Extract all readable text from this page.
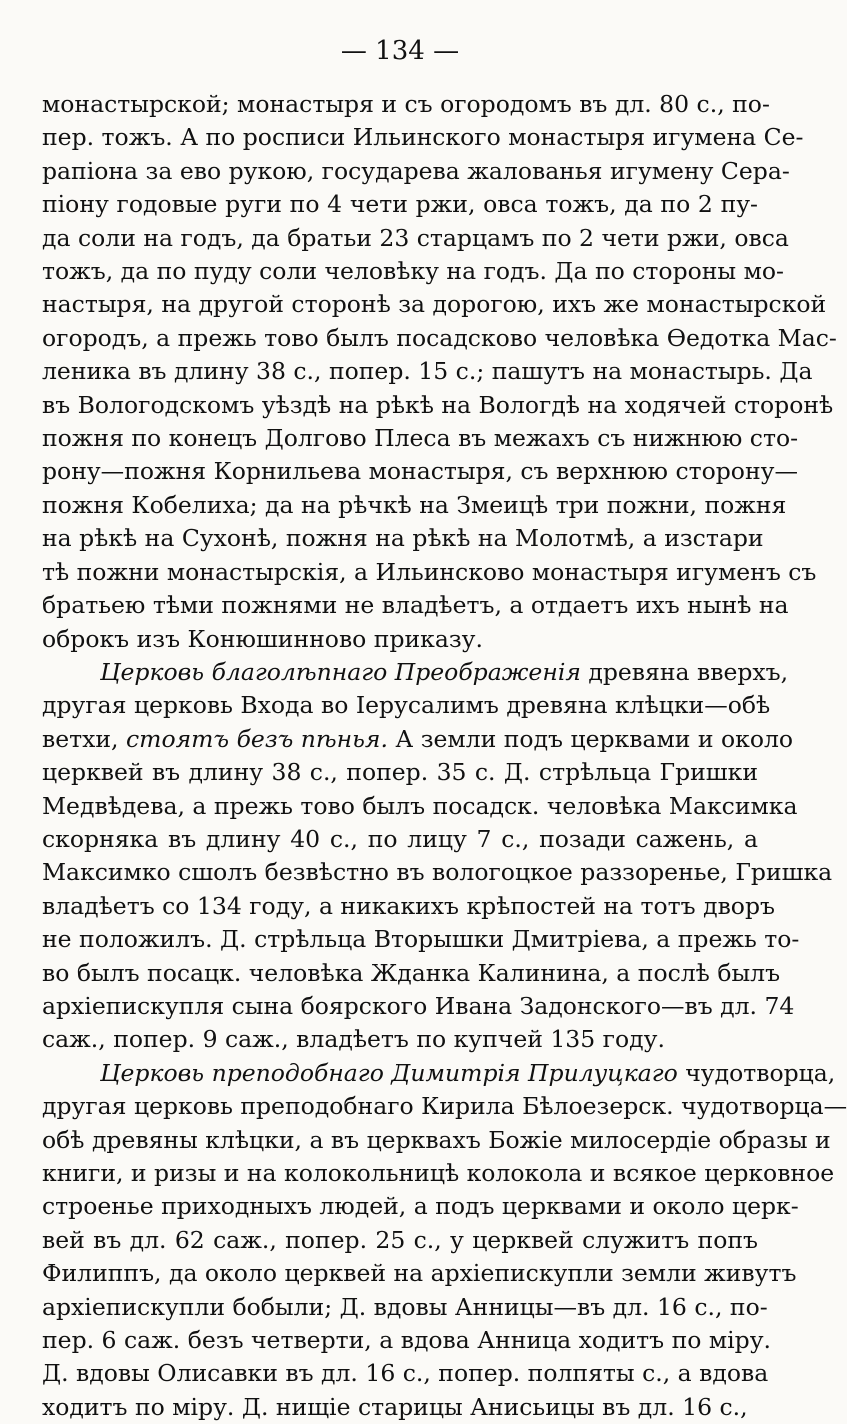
— 134 —
монастырской; монастыря и съ огородомъ въ дл. 80 с., по-
пер. тожъ. А по росписи Ильинского монастыря игумена Се-
рапіона за ево рукою, государева жалованья игумену Сера-
піону годовые руги по 4 чети ржи, овса тожъ, да по 2 пу-
да соли на годъ, да братьи 23 старцамъ по 2 чети ржи, овса
тожъ, да по пуду соли человѣку на годъ. Да по стороны мо-
настыря, на другой сторонѣ за дорогою, ихъ же монастырской
огородъ, а прежь тово былъ посадсково человѣка Ѳедотка Мас-
леника въ длину 38 с., попер. 15 с.; пашутъ на монастырь. Да
въ Вологодскомъ уѣздѣ на рѣкѣ на Вологдѣ на ходячей сторонѣ
пожня по конецъ Долгово Плеса въ межахъ съ нижнюю сто-
рону—пожня Корнильева монастыря, съ верхнюю сторону—
пожня Кобелиха; да на рѣчкѣ на Змеицѣ три пожни, пожня
на рѣкѣ на Сухонѣ, пожня на рѣкѣ на Молотмѣ, а изстари
тѣ пожни монастырскія, а Ильинсково монастыря игуменъ съ
братьею тѣми пожнями не владѣетъ, а отдаетъ ихъ нынѣ на
оброкъ изъ Конюшинново приказу.
Церковь благолѣпнаго Преображенія древяна вверхъ,
другая церковь Входа во Іерусалимъ древяна клѣцки—обѣ
ветхи, стоятъ безъ пѣнья. А земли подъ церквами и около
церквей въ длину 38 с., попер. 35 с. Д. стрѣльца Гришки
Медвѣдева, а прежь тово былъ посадск. человѣка Максимка
скорняка въ длину 40 с., по лицу 7 с., позади сажень, а
Максимко сшолъ безвѣстно въ вологоцкое раззоренье, Гришка
владѣетъ со 134 году, а никакихъ крѣпостей на тотъ дворъ
не положилъ. Д. стрѣльца Вторышки Дмитріева, а прежь то-
во былъ посацк. человѣка Жданка Калинина, а послѣ былъ
архіепискупля сына боярского Ивана Задонского—въ дл. 74
саж., попер. 9 саж., владѣетъ по купчей 135 году.
Церковь преподобнаго Димитрія Прилуцкаго чудотворца,
другая церковь преподобнаго Кирила Бѣлоезерск. чудотворца—
обѣ древяны клѣцки, а въ церквахъ Божіе милосердіе образы и
книги, и ризы и на колокольницѣ колокола и всякое церковное
строенье приходныхъ людей, а подъ церквами и около церк-
вей въ дл. 62 саж., попер. 25 с., у церквей служитъ попъ
Филиппъ, да около церквей на архіепискупли земли живутъ
архіепискупли бобыли; Д. вдовы Анницы—въ дл. 16 с., по-
пер. 6 саж. безъ четверти, а вдова Анница ходитъ по міру.
Д. вдовы Олисавки въ дл. 16 с., попер. полпяты с., а вдова
ходитъ по міру. Д. нищіе старицы Анисьицы въ дл. 16 с.,
